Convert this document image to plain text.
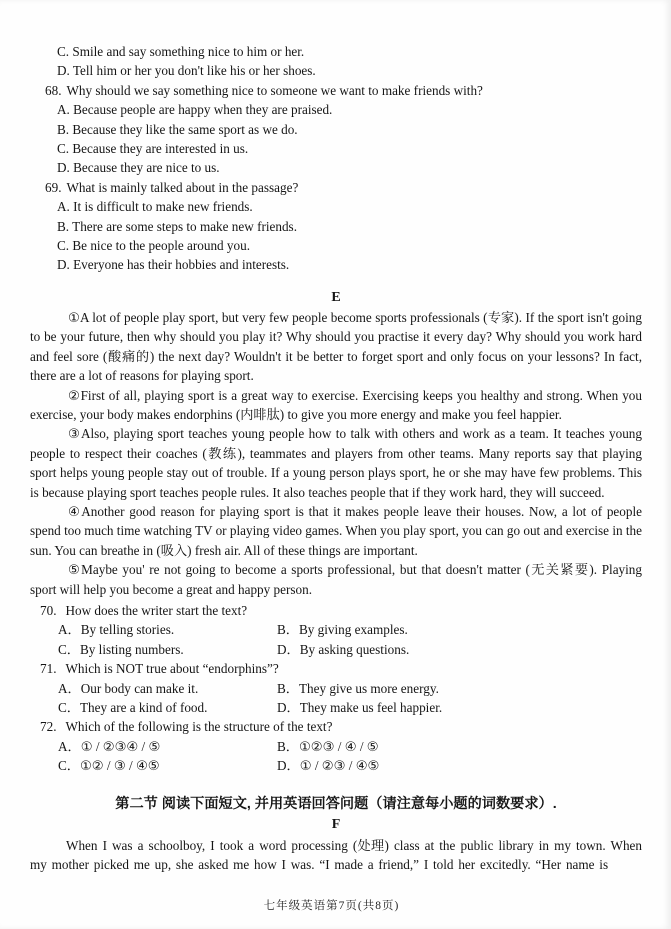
C. Smile and say something nice to him or her.
D. Tell him or her you don't like his or her shoes.
68. Why should we say something nice to someone we want to make friends with?
A. Because people are happy when they are praised.
B. Because they like the same sport as we do.
C. Because they are interested in us.
D. Because they are nice to us.
69. What is mainly talked about in the passage?
A. It is difficult to make new friends.
B. There are some steps to make new friends.
C. Be nice to the people around you.
D. Everyone has their hobbies and interests.
E

①A lot of people play sport, but very few people become sports professionals (专家). If the sport isn't going to be your future, then why should you play it? Why should you practise it every day? Why should you work hard and feel sore (酸痛的) the next day? Wouldn't it be better to forget sport and only focus on your lessons? In fact, there are a lot of reasons for playing sport.

②First of all, playing sport is a great way to exercise. Exercising keeps you healthy and strong. When you exercise, your body makes endorphins (内啡肽) to give you more energy and make you feel happier.

③Also, playing sport teaches young people how to talk with others and work as a team. It teaches young people to respect their coaches (教练), teammates and players from other teams. Many reports say that playing sport helps young people stay out of trouble. If a young person plays sport, he or she may have few problems. This is because playing sport teaches people rules. It also teaches people that if they work hard, they will succeed.

④Another good reason for playing sport is that it makes people leave their houses. Now, a lot of people spend too much time watching TV or playing video games. When you play sport, you can go out and exercise in the sun. You can breathe in (吸入) fresh air. All of these things are important.

⑤Maybe you' re not going to become a sports professional, but that doesn't matter (无关紧要). Playing sport will help you become a great and happy person.

70. How does the writer start the text?
A．By telling stories.	B．By giving examples.
C．By listing numbers.	D．By asking questions.
71. Which is NOT true about “endorphins”?
A．Our body can make it.	B．They give us more energy.
C．They are a kind of food.	D．They make us feel happier.
72. Which of the following is the structure of the text?
A．① / ②③④ / ⑤	B．①②③ / ④ / ⑤
C．①② / ③ / ④⑤	D．① / ②③ / ④⑤
第二节 阅读下面短文, 并用英语回答问题（请注意每小题的词数要求）.
F

When I was a schoolboy, I took a word processing (处理) class at the public library in my town. When my mother picked me up, she asked me how I was. “I made a friend,” I told her excitedly. “Her name is

七年级英语第7页(共8页)
